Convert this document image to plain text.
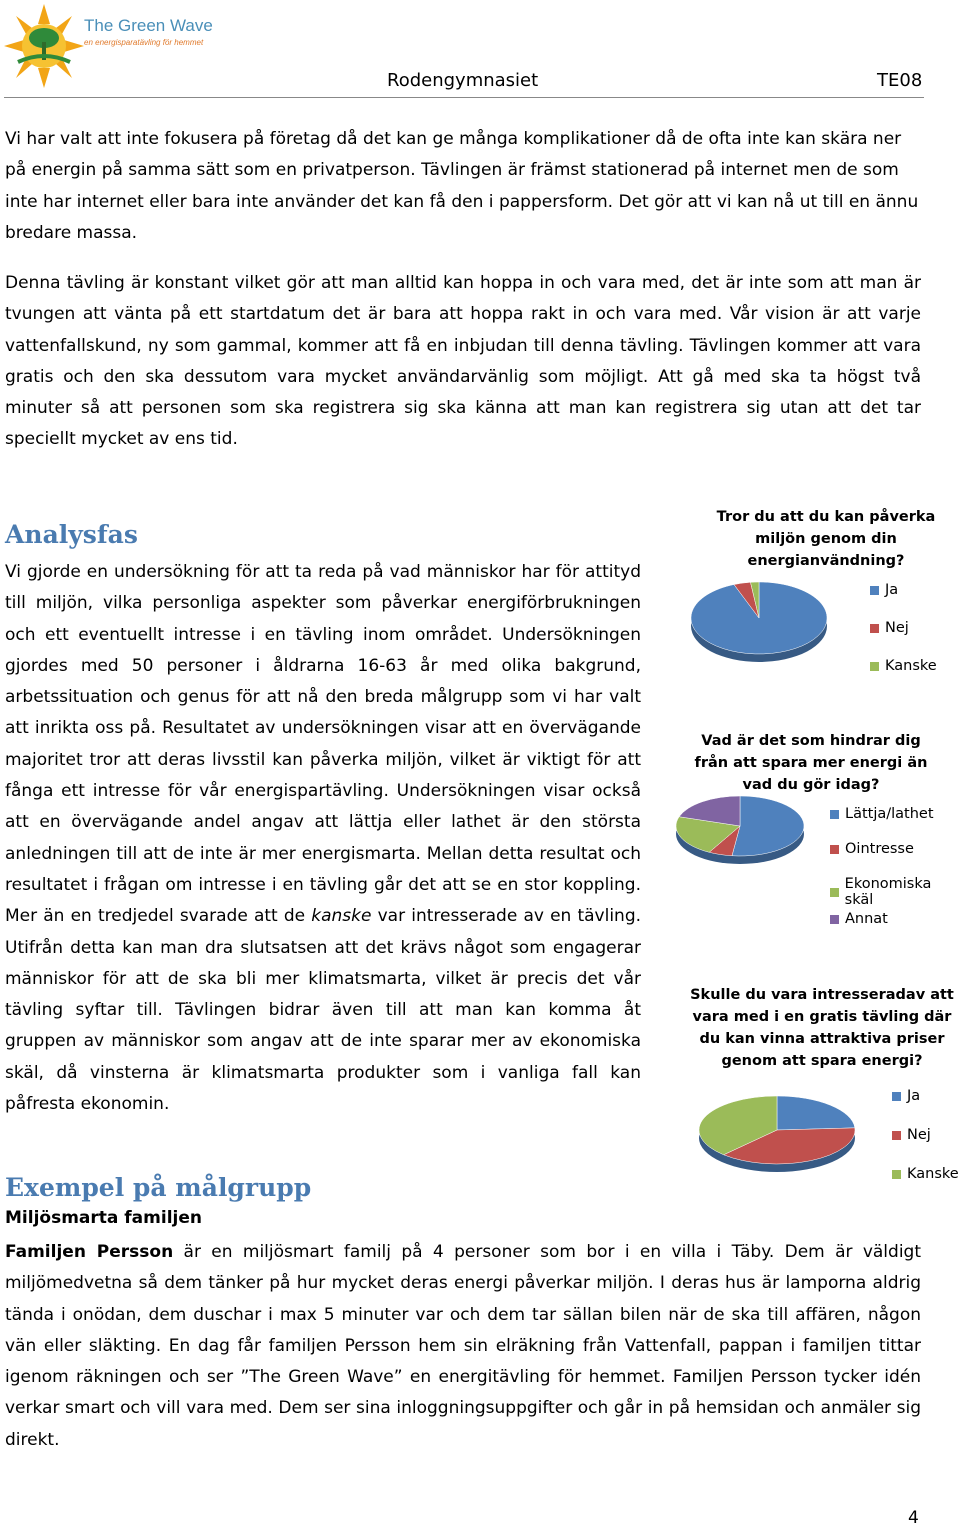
The Green Wave
en energisparatävling för hemmet
Rodengymnasiet	TE08
Vi har valt att inte fokusera på företag då det kan ge många komplikationer då de ofta inte kan skära ner på energin på samma sätt som en privatperson. Tävlingen är främst stationerad på internet men de som inte har internet eller bara inte använder det kan få den i pappersform. Det gör att vi kan nå ut till en ännu bredare massa.
Denna tävling är konstant vilket gör att man alltid kan hoppa in och vara med, det är inte som att man är tvungen att vänta på ett startdatum det är bara att hoppa rakt in och vara med. Vår vision är att varje vattenfallskund, ny som gammal, kommer att få en inbjudan till denna tävling. Tävlingen kommer att vara gratis och den ska dessutom vara mycket användarvänlig som möjligt. Att gå med ska ta högst två minuter så att personen som ska registrera sig ska känna att man kan registrera sig utan att det tar speciellt mycket av ens tid.
Analysfas
Vi gjorde en undersökning för att ta reda på vad människor har för attityd till miljön, vilka personliga aspekter som påverkar energiförbrukningen och ett eventuellt intresse i en tävling inom området. Undersökningen gjordes med 50 personer i åldrarna 16-63 år med olika bakgrund, arbetssituation och genus för att nå den breda målgrupp som vi har valt att inrikta oss på. Resultatet av undersökningen visar att en övervägande majoritet tror att deras livsstil kan påverka miljön, vilket är viktigt för att fånga ett intresse för vår energispartävling. Undersökningen visar också att en övervägande andel angav att lättja eller lathet är den största anledningen till att de inte är mer energismarta. Mellan detta resultat och resultatet i frågan om intresse i en tävling går det att se en stor koppling. Mer än en tredjedel svarade att de kanske var intresserade av en tävling. Utifrån detta kan man dra slutsatsen att det krävs något som engagerar människor för att de ska bli mer klimatsmarta, vilket är precis det vår tävling syftar till. Tävlingen bidrar även till att man kan komma åt gruppen av människor som angav att de inte sparar mer av ekonomiska skäl, då vinsterna är klimatsmarta produkter som i vanliga fall kan påfresta ekonomin.
Exempel på målgrupp
Miljösmarta familjen
Familjen Persson är en miljösmart familj på 4 personer som bor i en villa i Täby. Dem är väldigt miljömedvetna så dem tänker på hur mycket deras energi påverkar miljön. I deras hus är lamporna aldrig tända i onödan, dem duschar i max 5 minuter var och dem tar sällan bilen när de ska till affären, någon vän eller släkting. En dag får familjen Persson hem sin elräkning från Vattenfall, pappan i familjen tittar igenom räkningen och ser ”The Green Wave” en energitävling för hemmet. Familjen Persson tycker idén verkar smart och vill vara med. Dem ser sina inloggningsuppgifter och går in på hemsidan och anmäler sig direkt.
4
Tror du att du kan påverka miljön genom din energianvändning?
Ja
Nej
Kanske
Vad är det som hindrar dig från att spara mer energi än vad du gör idag?
Lättja/lathet
Ointresse
Ekonomiska skäl
Annat
Skulle du vara intresseradav att vara med i en gratis tävling där du kan vinna attraktiva priser genom att spara energi?
Ja
Nej
Kanske
